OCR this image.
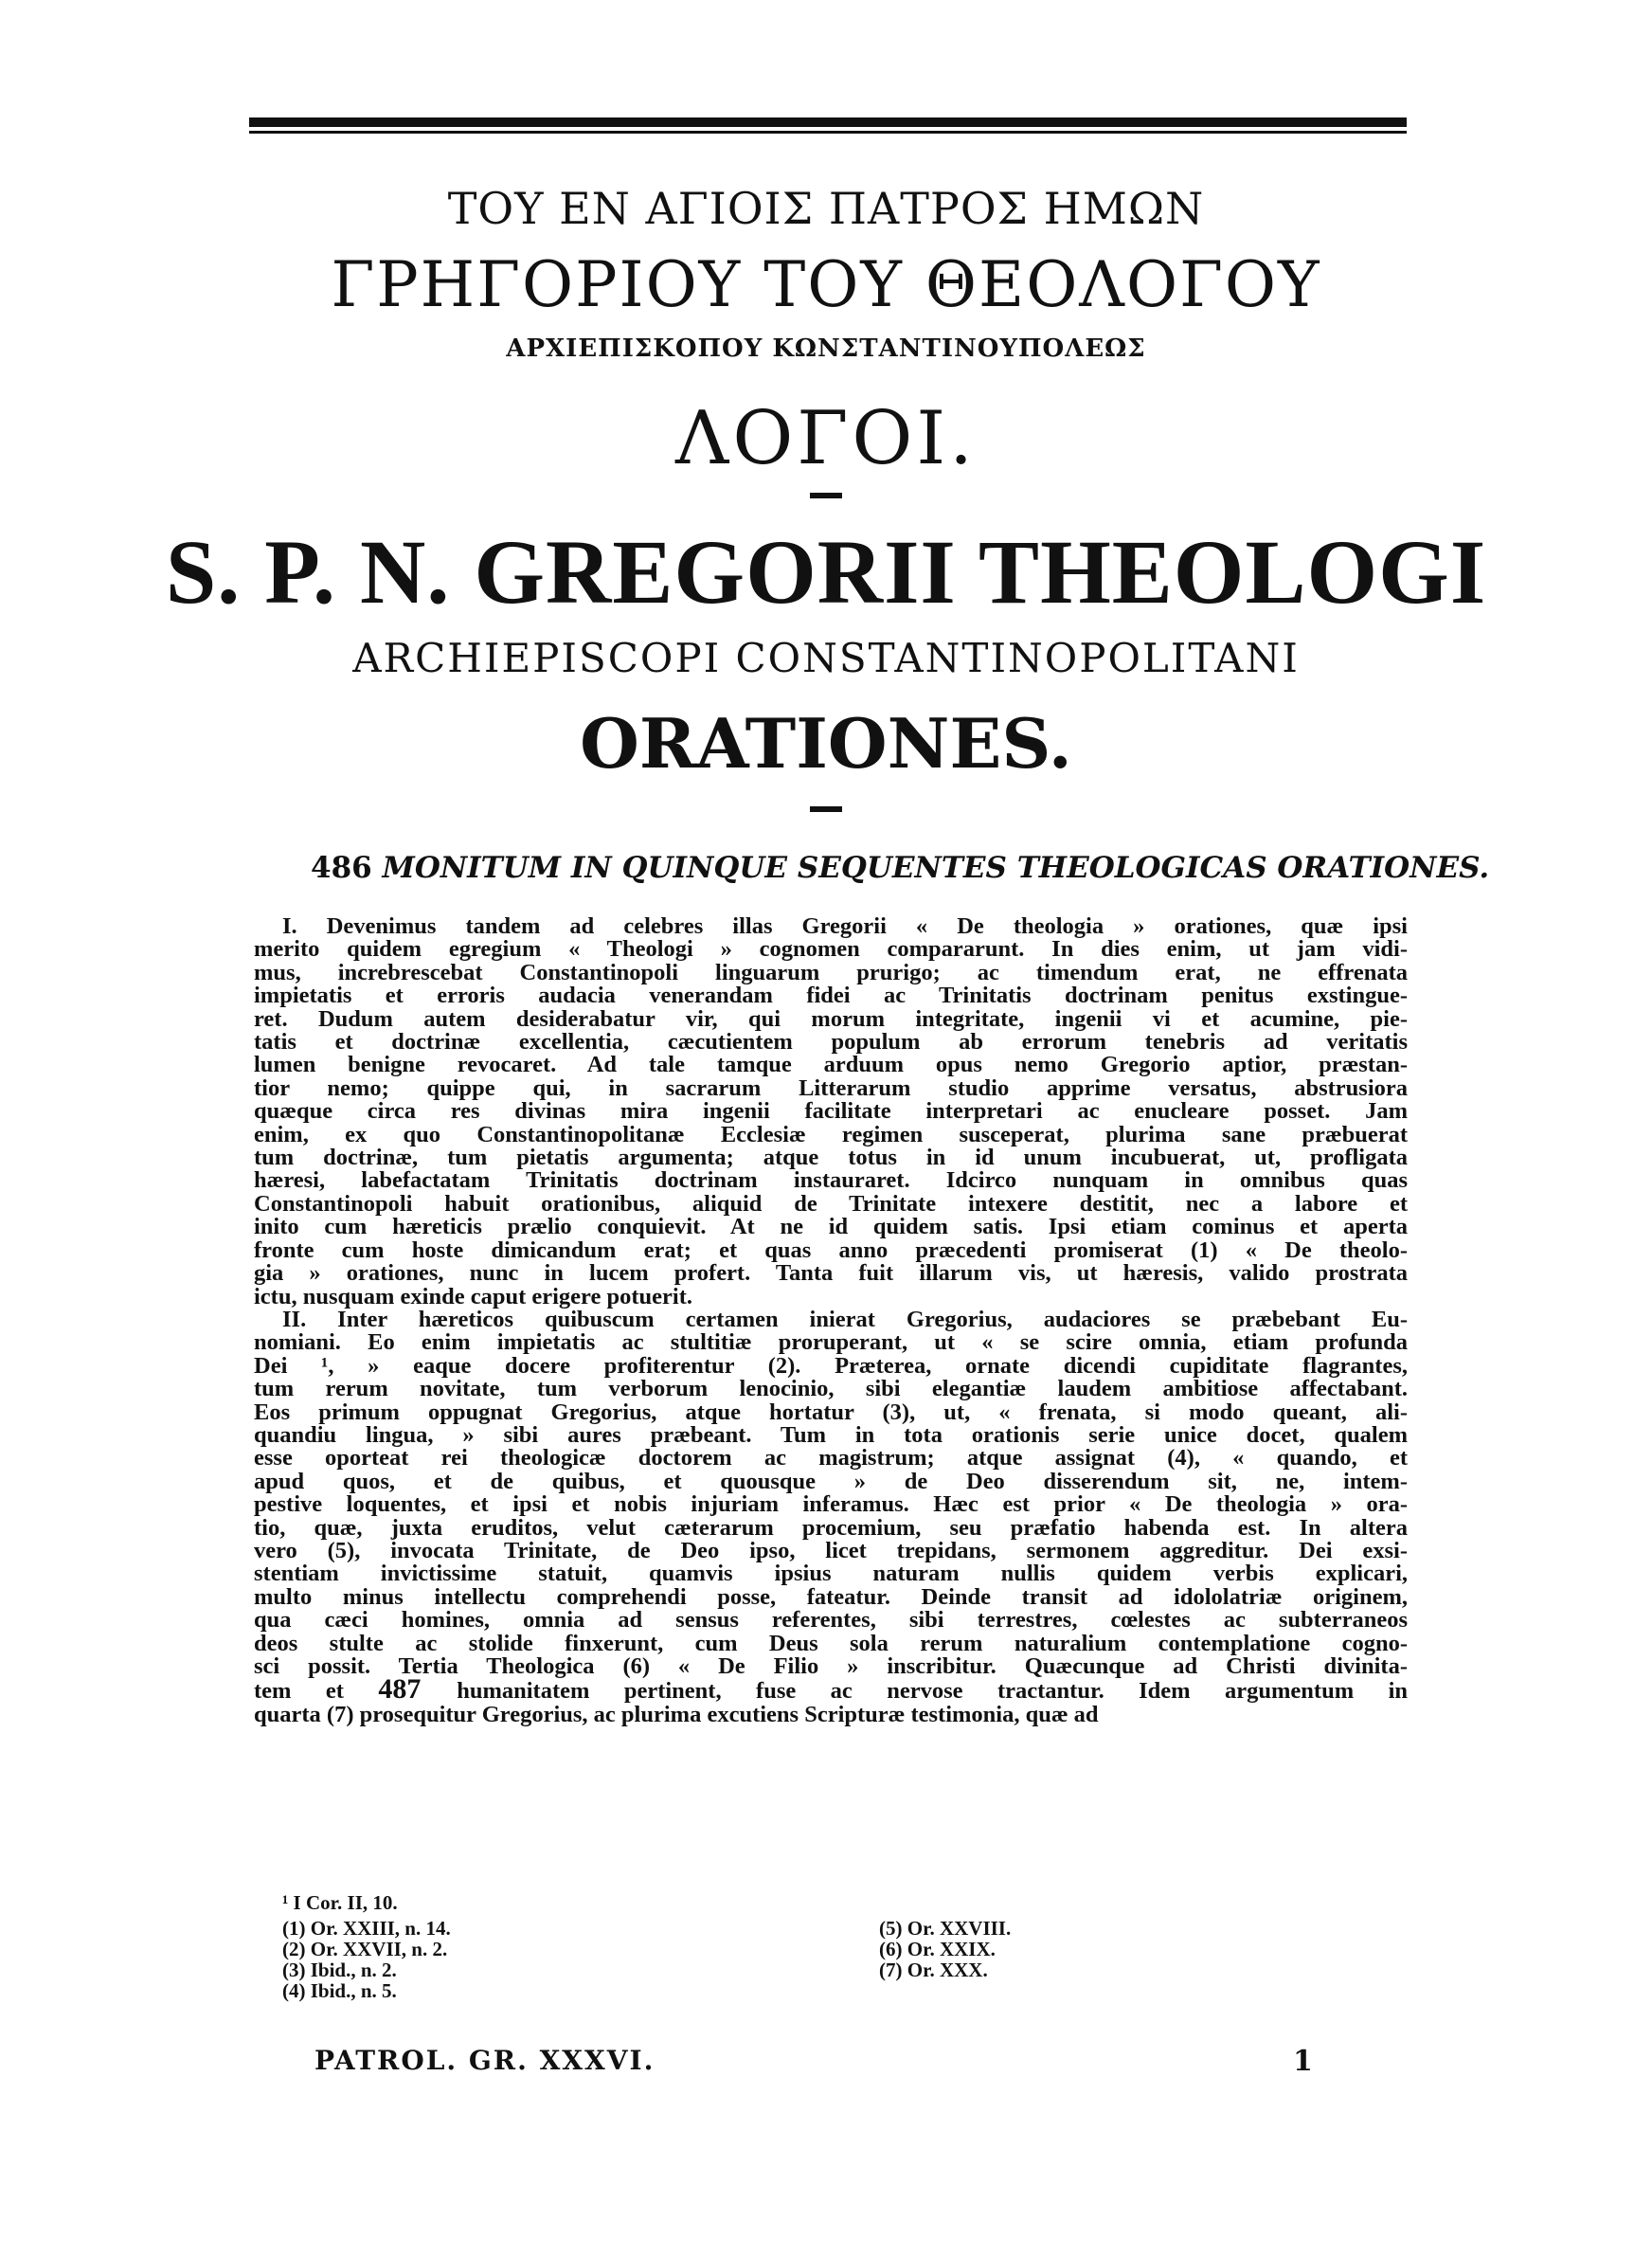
ΤΟΥ ΕΝ ΑΓΙΟΙΣ ΠΑΤΡΟΣ ΗΜΩΝ
ΓΡΗΓΟΡΙΟΥ ΤΟΥ ΘΕΟΛΟΓΟΥ
ΑΡΧΙΕΠΙΣΚΟΠΟΥ ΚΩΝΣΤΑΝΤΙΝΟΥΠΟΛΕΩΣ
ΛΟΓΟΙ.
S. P. N. GREGORII THEOLOGI
ARCHIEPISCOPI CONSTANTINOPOLITANI
ORATIONES.
486 MONITUM IN QUINQUE SEQUENTES THEOLOGICAS ORATIONES.
I. Devenimus tandem ad celebres illas Gregorii « De theologia » orationes, quæ ipsi
merito quidem egregium « Theologi » cognomen compararunt. In dies enim, ut jam vidi-
mus, increbrescebat Constantinopoli linguarum prurigo; ac timendum erat, ne effrenata
impietatis et erroris audacia venerandam fidei ac Trinitatis doctrinam penitus exstingue-
ret. Dudum autem desiderabatur vir, qui morum integritate, ingenii vi et acumine, pie-
tatis et doctrinæ excellentia, cæcutientem populum ab errorum tenebris ad veritatis
lumen benigne revocaret. Ad tale tamque arduum opus nemo Gregorio aptior, præstan-
tior nemo; quippe qui, in sacrarum Litterarum studio apprime versatus, abstrusiora
quæque circa res divinas mira ingenii facilitate interpretari ac enucleare posset. Jam
enim, ex quo Constantinopolitanæ Ecclesiæ regimen susceperat, plurima sane præbuerat
tum doctrinæ, tum pietatis argumenta; atque totus in id unum incubuerat, ut, profligata
hæresi, labefactatam Trinitatis doctrinam instauraret. Idcirco nunquam in omnibus quas
Constantinopoli habuit orationibus, aliquid de Trinitate intexere destitit, nec a labore et
inito cum hæreticis prælio conquievit. At ne id quidem satis. Ipsi etiam cominus et aperta
fronte cum hoste dimicandum erat; et quas anno præcedenti promiserat (1) « De theolo-
gia » orationes, nunc in lucem profert. Tanta fuit illarum vis, ut hæresis, valido prostrata
ictu, nusquam exinde caput erigere potuerit.
II. Inter hæreticos quibuscum certamen inierat Gregorius, audaciores se præbebant Eu-
nomiani. Eo enim impietatis ac stultitiæ proruperant, ut « se scire omnia, etiam profunda
Dei ¹, » eaque docere profiterentur (2). Præterea, ornate dicendi cupiditate flagrantes,
tum rerum novitate, tum verborum lenocinio, sibi elegantiæ laudem ambitiose affectabant.
Eos primum oppugnat Gregorius, atque hortatur (3), ut, « frenata, si modo queant, ali-
quandiu lingua, » sibi aures præbeant. Tum in tota orationis serie unice docet, qualem
esse oporteat rei theologicæ doctorem ac magistrum; atque assignat (4), « quando, et
apud quos, et de quibus, et quousque » de Deo disserendum sit, ne, intem-
pestive loquentes, et ipsi et nobis injuriam inferamus. Hæc est prior « De theologia » ora-
tio, quæ, juxta eruditos, velut cæterarum procemium, seu præfatio habenda est. In altera
vero (5), invocata Trinitate, de Deo ipso, licet trepidans, sermonem aggreditur. Dei exsi-
stentiam invictissime statuit, quamvis ipsius naturam nullis quidem verbis explicari,
multo minus intellectu comprehendi posse, fateatur. Deinde transit ad idololatriæ originem,
qua cæci homines, omnia ad sensus referentes, sibi terrestres, cœlestes ac subterraneos
deos stulte ac stolide finxerunt, cum Deus sola rerum naturalium contemplatione cogno-
sci possit. Tertia Theologica (6) « De Filio » inscribitur. Quæcunque ad Christi divinita-
tem et 487 humanitatem pertinent, fuse ac nervose tractantur. Idem argumentum in
quarta (7) prosequitur Gregorius, ac plurima excutiens Scripturæ testimonia, quæ ad
¹ I Cor. II, 10.
(1) Or. XXIII, n. 14.
(2) Or. XXVII, n. 2.
(3) Ibid., n. 2.
(4) Ibid., n. 5.
(5) Or. XXVIII.
(6) Or. XXIX.
(7) Or. XXX.
PATROL. GR. XXXVI.	1
